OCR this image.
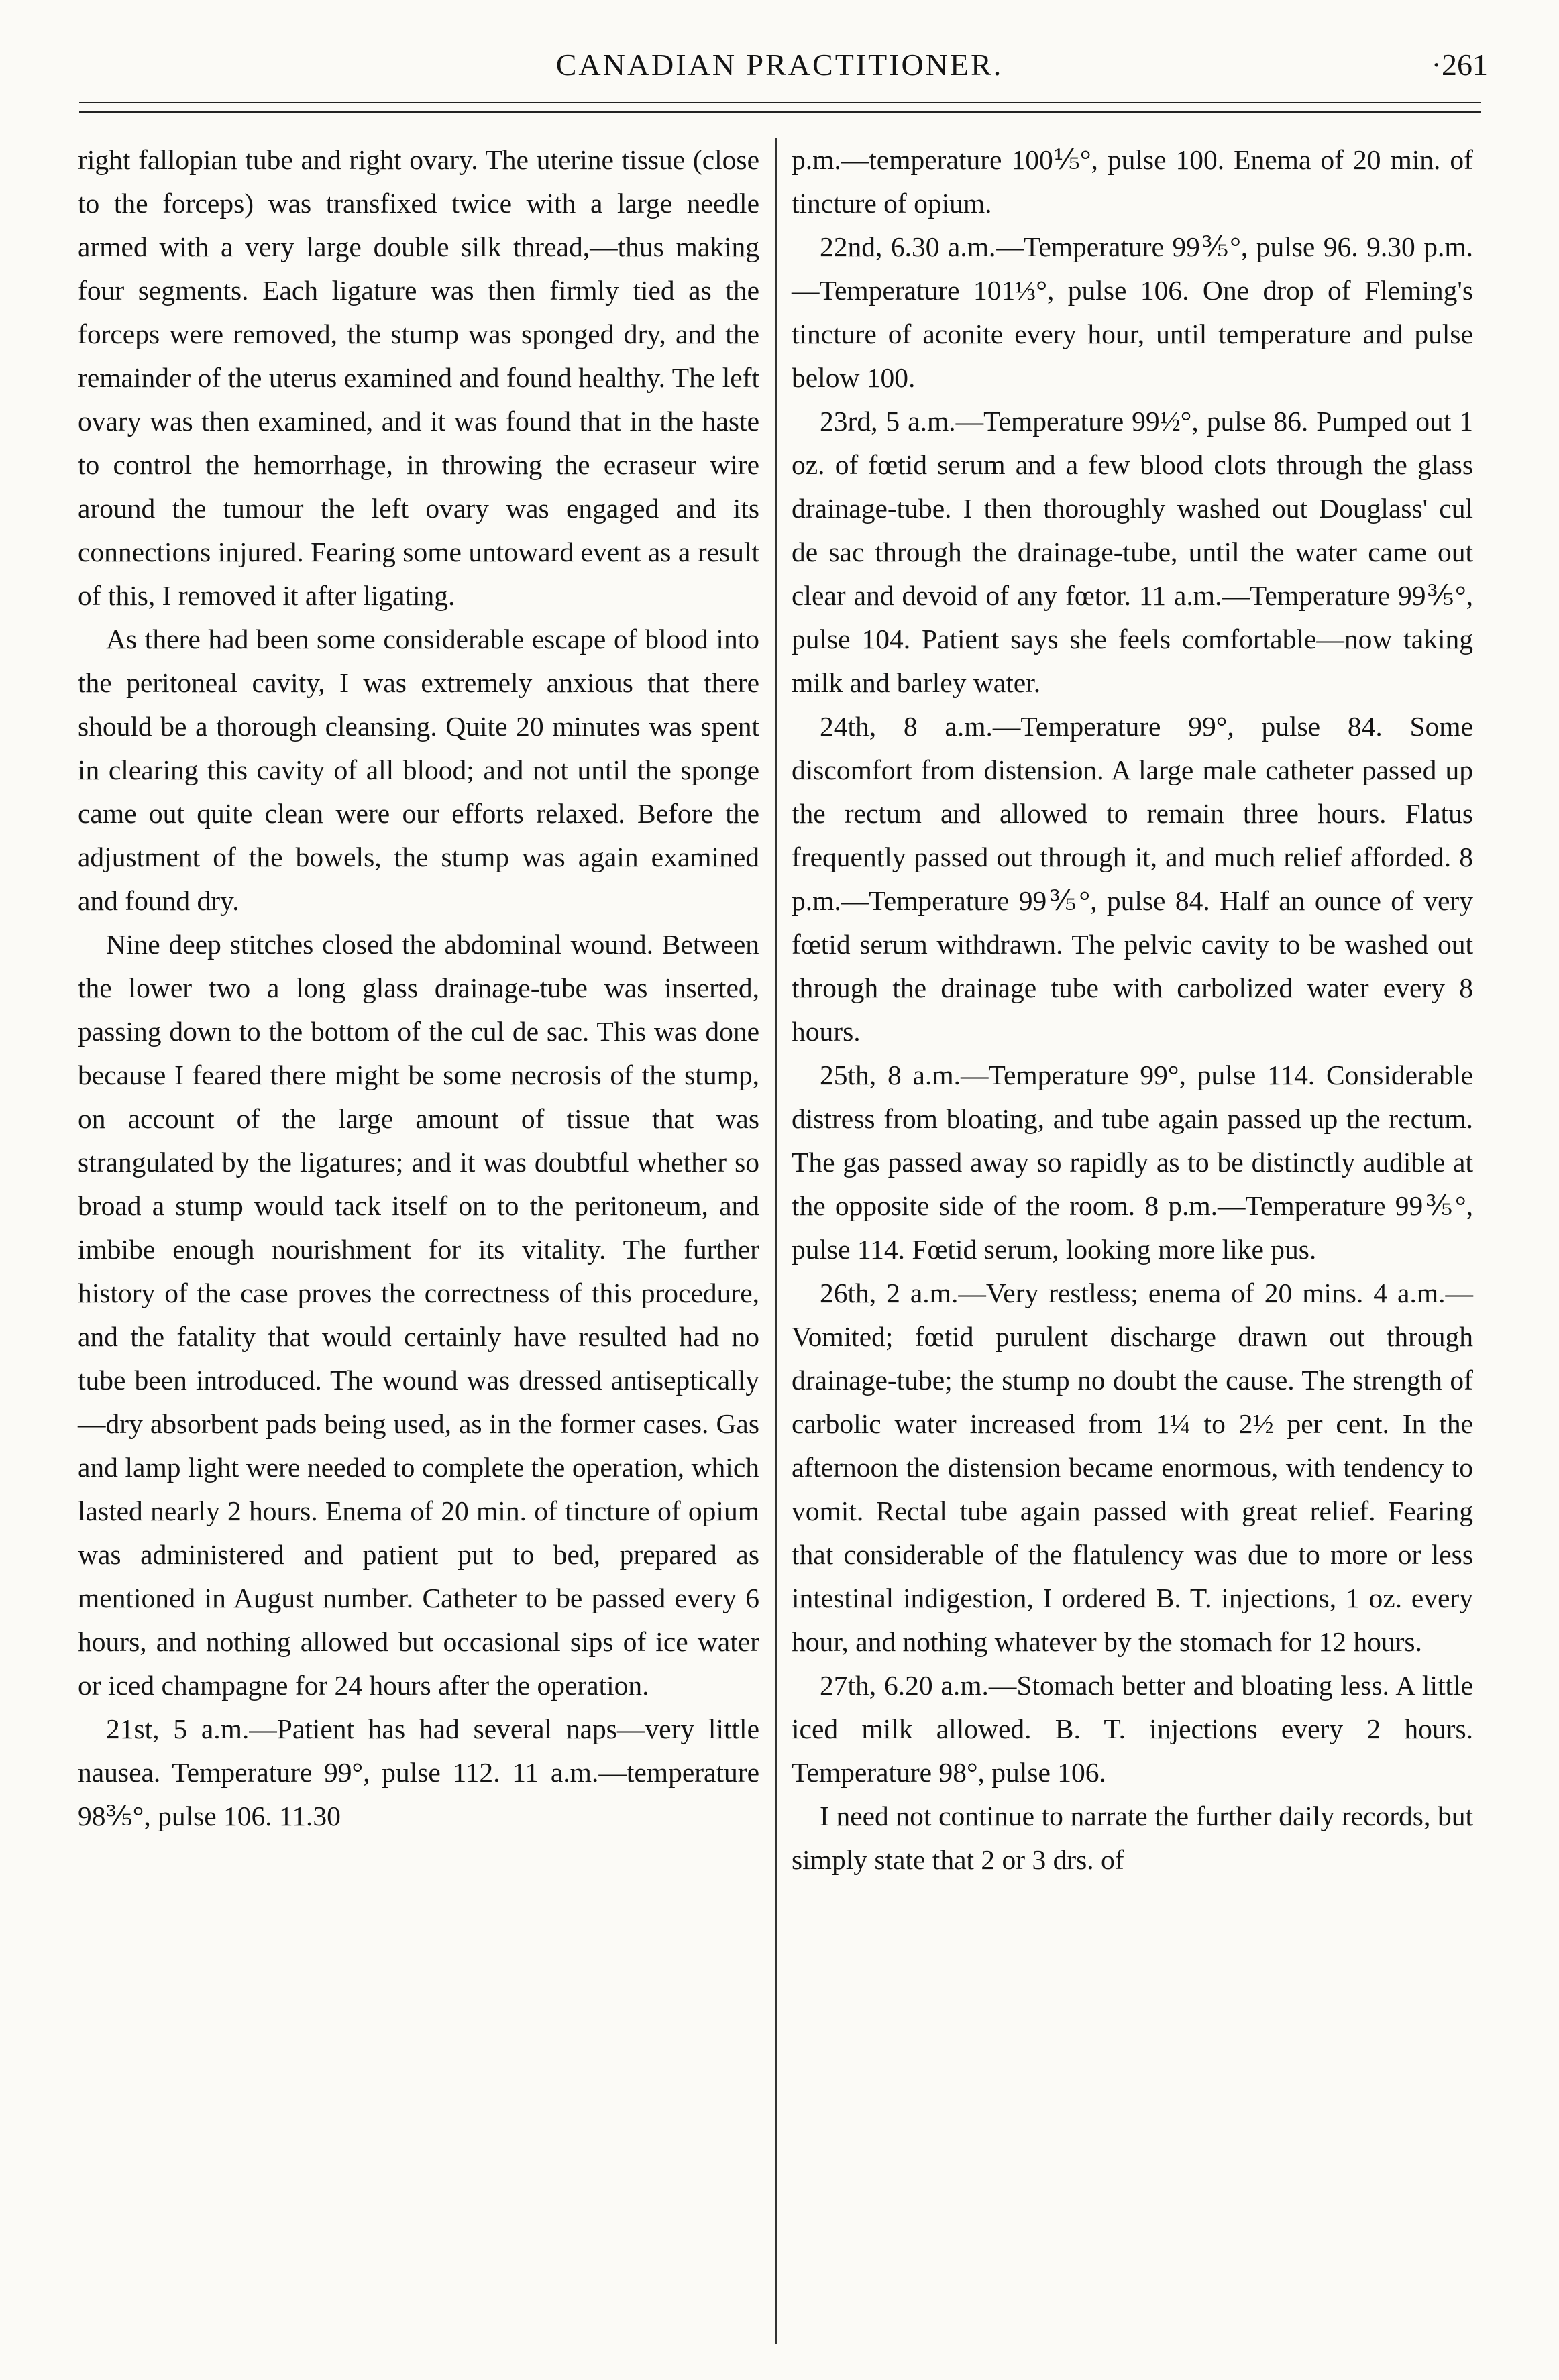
CANADIAN PRACTITIONER.	·261

right fallopian tube and right ovary. The uterine tissue (close to the forceps) was transfixed twice with a large needle armed with a very large double silk thread,—thus making four segments. Each ligature was then firmly tied as the forceps were removed, the stump was sponged dry, and the remainder of the uterus examined and found healthy. The left ovary was then examined, and it was found that in the haste to control the hemorrhage, in throwing the ecraseur wire around the tumour the left ovary was engaged and its connections injured. Fearing some untoward event as a result of this, I removed it after ligating.

As there had been some considerable escape of blood into the peritoneal cavity, I was extremely anxious that there should be a thorough cleansing. Quite 20 minutes was spent in clearing this cavity of all blood; and not until the sponge came out quite clean were our efforts relaxed. Before the adjustment of the bowels, the stump was again examined and found dry.

Nine deep stitches closed the abdominal wound. Between the lower two a long glass drainage-tube was inserted, passing down to the bottom of the cul de sac. This was done because I feared there might be some necrosis of the stump, on account of the large amount of tissue that was strangulated by the ligatures; and it was doubtful whether so broad a stump would tack itself on to the peritoneum, and imbibe enough nourishment for its vitality. The further history of the case proves the correctness of this procedure, and the fatality that would certainly have resulted had no tube been introduced. The wound was dressed antiseptically—dry absorbent pads being used, as in the former cases. Gas and lamp light were needed to complete the operation, which lasted nearly 2 hours. Enema of 20 min. of tincture of opium was administered and patient put to bed, prepared as mentioned in August number. Catheter to be passed every 6 hours, and nothing allowed but occasional sips of ice water or iced champagne for 24 hours after the operation.

21st, 5 a.m.—Patient has had several naps—very little nausea. Temperature 99°, pulse 112. 11 a.m.—temperature 98⅗°, pulse 106. 11.30

p.m.—temperature 100⅕°, pulse 100. Enema of 20 min. of tincture of opium.

22nd, 6.30 a.m.—Temperature 99⅗°, pulse 96. 9.30 p.m.—Temperature 101⅓°, pulse 106. One drop of Fleming's tincture of aconite every hour, until temperature and pulse below 100.

23rd, 5 a.m.—Temperature 99½°, pulse 86. Pumped out 1 oz. of fœtid serum and a few blood clots through the glass drainage-tube. I then thoroughly washed out Douglass' cul de sac through the drainage-tube, until the water came out clear and devoid of any fœtor. 11 a.m.—Temperature 99⅗°, pulse 104. Patient says she feels comfortable—now taking milk and barley water.

24th, 8 a.m.—Temperature 99°, pulse 84. Some discomfort from distension. A large male catheter passed up the rectum and allowed to remain three hours. Flatus frequently passed out through it, and much relief afforded. 8 p.m.—Temperature 99⅗°, pulse 84. Half an ounce of very fœtid serum withdrawn. The pelvic cavity to be washed out through the drainage tube with carbolized water every 8 hours.

25th, 8 a.m.—Temperature 99°, pulse 114. Considerable distress from bloating, and tube again passed up the rectum. The gas passed away so rapidly as to be distinctly audible at the opposite side of the room. 8 p.m.—Temperature 99⅗°, pulse 114. Fœtid serum, looking more like pus.

26th, 2 a.m.—Very restless; enema of 20 mins. 4 a.m.—Vomited; fœtid purulent discharge drawn out through drainage-tube; the stump no doubt the cause. The strength of carbolic water increased from 1¼ to 2½ per cent. In the afternoon the distension became enormous, with tendency to vomit. Rectal tube again passed with great relief. Fearing that considerable of the flatulency was due to more or less intestinal indigestion, I ordered B. T. injections, 1 oz. every hour, and nothing whatever by the stomach for 12 hours.

27th, 6.20 a.m.—Stomach better and bloating less. A little iced milk allowed. B. T. injections every 2 hours. Temperature 98°, pulse 106.

I need not continue to narrate the further daily records, but simply state that 2 or 3 drs. of
